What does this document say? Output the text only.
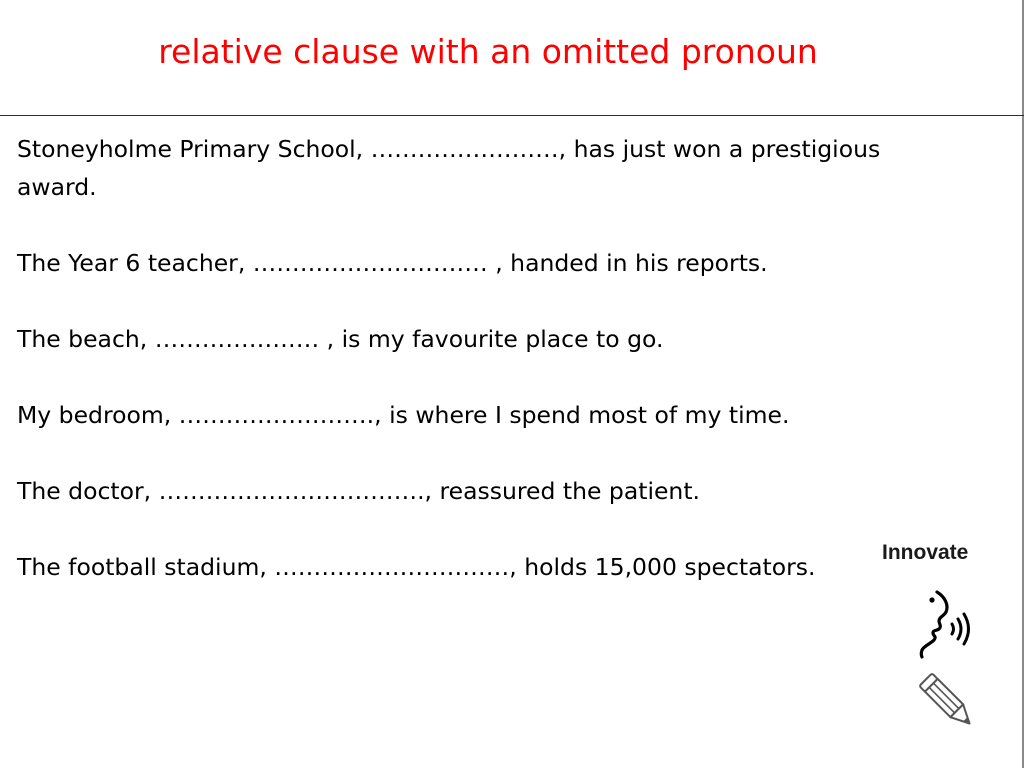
relative clause with an omitted pronoun

Stoneyholme Primary School, ……………………, has just won a prestigious award.

The Year 6 teacher, ………………………… , handed in his reports.

The beach, ………………… , is my favourite place to go.

My bedroom, ……………………., is where I spend most of my time.

The doctor, ……………………………., reassured the patient.

The football stadium, …………………………, holds 15,000 spectators.

Innovate
